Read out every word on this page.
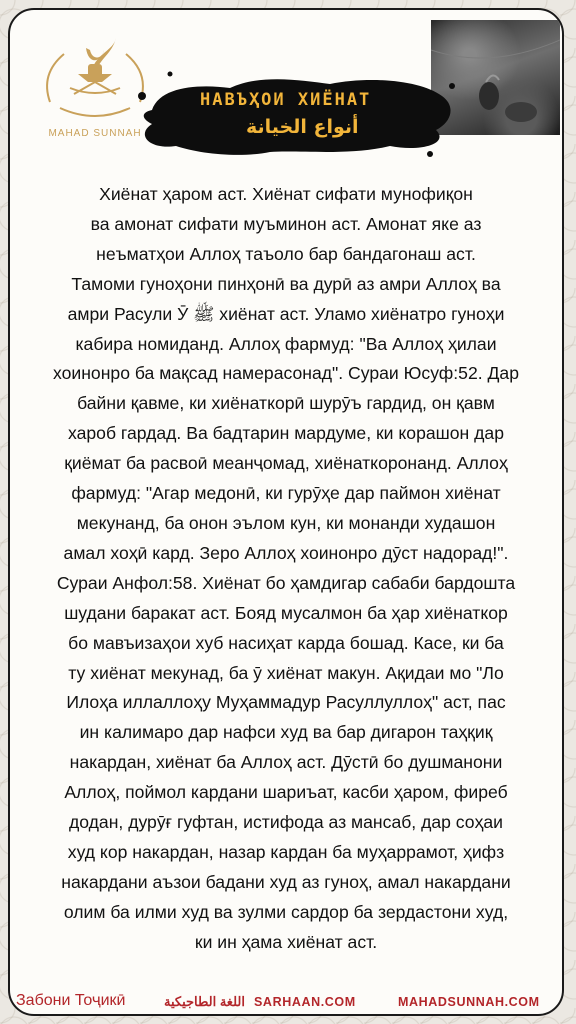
MAHAD SUNNAH
НАВЪҲОИ ХИЁНАТ
أنواع الخيانة

Хиёнат ҳаром аст. Хиёнат сифати мунофиқон

ва амонат сифати муъминон аст. Амонат яке аз

неъматҳои Аллоҳ таъоло бар бандагонаш аст.

Тамоми гуноҳони пинҳонӣ ва дурӣ аз амри Аллоҳ ва

амри Расули Ӯ ﷺ хиёнат аст. Уламо хиёнатро гуноҳи

кабира номиданд. Аллоҳ фармуд: "Ва Аллоҳ ҳилаи

хоинонро ба мақсад намерасонад". Сураи Юсуф:52. Дар

байни қавме, ки хиёнаткорӣ шурӯъ гардид, он қавм

хароб гардад. Ва бадтарин мардуме, ки корашон дар

қиёмат ба расвоӣ меанҷомад, хиёнаткоронанд. Аллоҳ

фармуд: "Агар медонӣ, ки гурӯҳе дар паймон хиёнат

мекунанд, ба онон эълом кун, ки монанди худашон

амал хоҳӣ кард. Зеро Аллоҳ хоинонро дӯст надорад!".

Сураи Анфол:58. Хиёнат бо ҳамдигар сабаби бардошта

шудани баракат аст. Бояд мусалмон ба ҳар хиёнаткор

бо мавъизаҳои хуб насиҳат карда бошад. Касе, ки ба

ту хиёнат мекунад, ба ӯ хиёнат макун. Ақидаи мо "Ло

Илоҳа иллаллоҳу Муҳаммадур Расуллуллоҳ" аст, пас

ин калимаро дар нафси худ ва бар дигарон таҳқиқ

накардан, хиёнат ба Аллоҳ аст. Дӯстӣ бо душманони

Аллоҳ, поймол кардани шариъат, касби ҳаром, фиреб

додан, дурӯғ гуфтан, истифода аз мансаб, дар соҳаи

худ кор накардан, назар кардан ба муҳаррамот, ҳифз

накардани аъзои бадани худ аз гуноҳ, амал накардани

олим ба илми худ ва зулми сардор ба зердастони худ,

ки ин ҳама хиёнат аст.

Забони Тоҷикӣ	اللغة الطاجيكية SARHAAN.COM	MAHADSUNNAH.COM
